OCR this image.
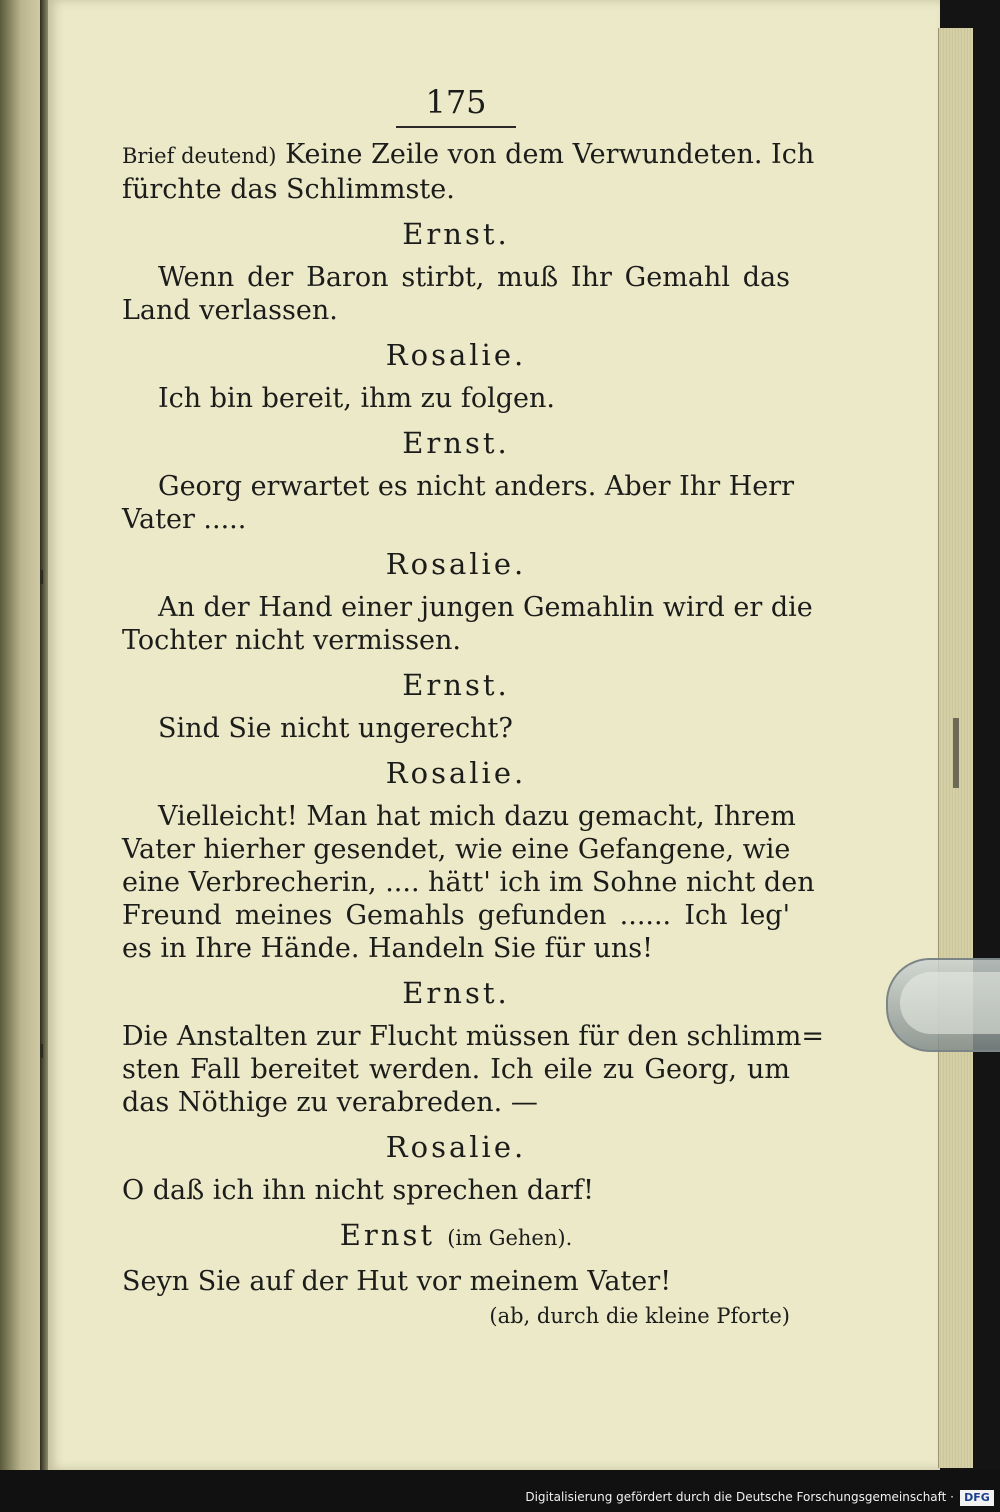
175
Brief deutend) Keine Zeile von dem Verwundeten. Ich
fürchte das Schlimmste.
Ernst.
Wenn der Baron stirbt, muß Ihr Gemahl das
Land verlassen.
Rosalie.
Ich bin bereit, ihm zu folgen.
Ernst.
Georg erwartet es nicht anders. Aber Ihr Herr
Vater .....
Rosalie.
An der Hand einer jungen Gemahlin wird er die
Tochter nicht vermissen.
Ernst.
Sind Sie nicht ungerecht?
Rosalie.
Vielleicht! Man hat mich dazu gemacht, Ihrem
Vater hierher gesendet, wie eine Gefangene, wie
eine Verbrecherin, .... hätt' ich im Sohne nicht den
Freund meines Gemahls gefunden ...... Ich leg'
es in Ihre Hände. Handeln Sie für uns!
Ernst.
Die Anstalten zur Flucht müssen für den schlimm=
sten Fall bereitet werden. Ich eile zu Georg, um
das Nöthige zu verabreden. —
Rosalie.
O daß ich ihn nicht sprechen darf!
Ernst (im Gehen).
Seyn Sie auf der Hut vor meinem Vater!
(ab, durch die kleine Pforte)
Digitalisierung gefördert durch die Deutsche Forschungsgemeinschaft · DFG
